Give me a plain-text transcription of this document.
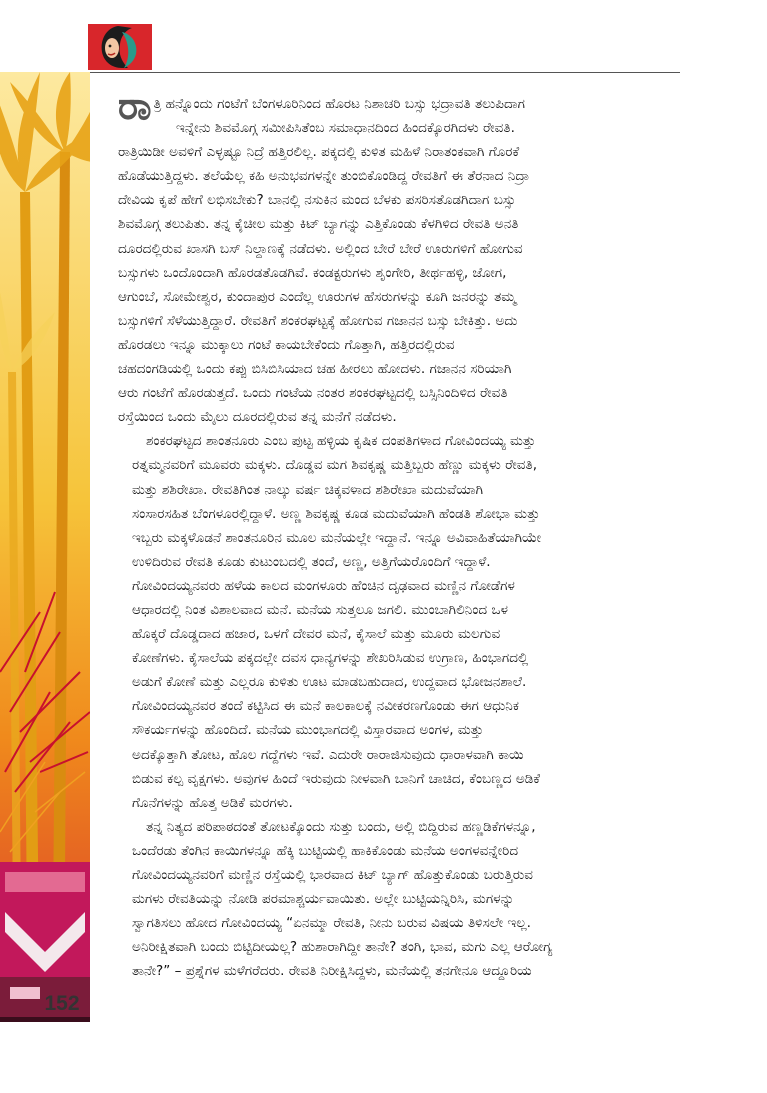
152
ರಾ ತ್ರಿ ಹನ್ನೊಂದು ಗಂಟೆಗೆ ಬೆಂಗಳೂರಿನಿಂದ ಹೊರಟ ನಿಶಾಚರಿ ಬಸ್ಸು ಭದ್ರಾವತಿ ತಲುಪಿದಾಗ
ಇನ್ನೇನು ಶಿವಮೊಗ್ಗ ಸಮೀಪಿಸಿತೆಂಬ ಸಮಾಧಾನದಿಂದ ಹಿಂದಕ್ಕೊರಗಿದಳು ರೇವತಿ.
ರಾತ್ರಿಯಿಡೀ ಅವಳಿಗೆ ಎಳ್ಳಷ್ಟೂ ನಿದ್ರೆ ಹತ್ತಿರಲಿಲ್ಲ. ಪಕ್ಕದಲ್ಲಿ ಕುಳಿತ ಮಹಿಳೆ ನಿರಾತಂಕವಾಗಿ ಗೊರಕೆ
ಹೊಡೆಯುತ್ತಿದ್ದಳು. ತಲೆಯೆಲ್ಲ ಕಹಿ ಅನುಭವಗಳನ್ನೇ ತುಂಬಿಕೊಂಡಿದ್ದ ರೇವತಿಗೆ ಈ ತೆರನಾದ ನಿದ್ರಾ
ದೇವಿಯ ಕೃಪೆ ಹೇಗೆ ಲಭಿಸಬೇಕು? ಬಾನಲ್ಲಿ ನಸುಕಿನ ಮಂದ ಬೆಳಕು ಪಸರಿಸತೊಡಗಿದಾಗ ಬಸ್ಸು
ಶಿವಮೊಗ್ಗ ತಲುಪಿತು. ತನ್ನ ಕೈಚೀಲ ಮತ್ತು ಕಿಟ್ ಬ್ಯಾಗನ್ನು ಎತ್ತಿಕೊಂಡು ಕೆಳಗಿಳಿದ ರೇವತಿ ಅನತಿ
ದೂರದಲ್ಲಿರುವ ಖಾಸಗಿ ಬಸ್ ನಿಲ್ದಾಣಕ್ಕೆ ನಡೆದಳು. ಅಲ್ಲಿಂದ ಬೇರೆ ಬೇರೆ ಊರುಗಳಿಗೆ ಹೋಗುವ
ಬಸ್ಸುಗಳು ಒಂದೊಂದಾಗಿ ಹೊರಡತೊಡಗಿವೆ. ಕಂಡಕ್ಟರುಗಳು ಶೃಂಗೇರಿ, ತೀರ್ಥಹಳ್ಳಿ, ಜೋಗ,
ಆಗುಂಬೆ, ಸೋಮೇಶ್ವರ, ಕುಂದಾಪುರ ಎಂದೆಲ್ಲ ಊರುಗಳ ಹೆಸರುಗಳನ್ನು ಕೂಗಿ ಜನರನ್ನು ತಮ್ಮ
ಬಸ್ಸುಗಳಿಗೆ ಸೆಳೆಯುತ್ತಿದ್ದಾರೆ. ರೇವತಿಗೆ ಶಂಕರಘಟ್ಟಕ್ಕೆ ಹೋಗುವ ಗಜಾನನ ಬಸ್ಸು ಬೇಕಿತ್ತು. ಅದು
ಹೊರಡಲು ಇನ್ನೂ ಮುಕ್ಕಾಲು ಗಂಟೆ ಕಾಯಬೇಕೆಂದು ಗೊತ್ತಾಗಿ, ಹತ್ತಿರದಲ್ಲಿರುವ
ಚಹದಂಗಡಿಯಲ್ಲಿ ಒಂದು ಕಪ್ಪು ಬಿಸಿಬಿಸಿಯಾದ ಚಹ ಹೀರಲು ಹೋದಳು. ಗಜಾನನ ಸರಿಯಾಗಿ
ಆರು ಗಂಟೆಗೆ ಹೊರಡುತ್ತದೆ. ಒಂದು ಗಂಟೆಯ ನಂತರ ಶಂಕರಘಟ್ಟದಲ್ಲಿ ಬಸ್ಸಿನಿಂದಿಳಿದ ರೇವತಿ
ರಸ್ತೆಯಿಂದ ಒಂದು ಮೈಲು ದೂರದಲ್ಲಿರುವ ತನ್ನ ಮನೆಗೆ ನಡೆದಳು.
ಶಂಕರಘಟ್ಟದ ಶಾಂತನೂರು ಎಂಬ ಪುಟ್ಟ ಹಳ್ಳಿಯ ಕೃಷಿಕ ದಂಪತಿಗಳಾದ ಗೋವಿಂದಯ್ಯ ಮತ್ತು
ರತ್ನಮ್ಮನವರಿಗೆ ಮೂವರು ಮಕ್ಕಳು. ದೊಡ್ಡವ ಮಗ ಶಿವಕೃಷ್ಣ ಮತ್ತಿಬ್ಬರು ಹೆಣ್ಣು ಮಕ್ಕಳು ರೇವತಿ,
ಮತ್ತು ಶಶಿರೇಖಾ. ರೇವತಿಗಿಂತ ನಾಲ್ಕು ವರ್ಷ ಚಿಕ್ಕವಳಾದ ಶಶಿರೇಖಾ ಮದುವೆಯಾಗಿ
ಸಂಸಾರಸಹಿತ ಬೆಂಗಳೂರಲ್ಲಿದ್ದಾಳೆ. ಅಣ್ಣ ಶಿವಕೃಷ್ಣ ಕೂಡ ಮದುವೆಯಾಗಿ ಹೆಂಡತಿ ಶೋಭಾ ಮತ್ತು
ಇಬ್ಬರು ಮಕ್ಕಳೊಡನೆ ಶಾಂತನೂರಿನ ಮೂಲ ಮನೆಯಲ್ಲೇ ಇದ್ದಾನೆ. ಇನ್ನೂ ಅವಿವಾಹಿತೆಯಾಗಿಯೇ
ಉಳಿದಿರುವ ರೇವತಿ ಕೂಡು ಕುಟುಂಬದಲ್ಲಿ ತಂದೆ, ಅಣ್ಣ, ಅತ್ತಿಗೆಯರೊಂದಿಗೆ ಇದ್ದಾಳೆ.
ಗೋವಿಂದಯ್ಯನವರು ಹಳೆಯ ಕಾಲದ ಮಂಗಳೂರು ಹೆಂಚಿನ ದೃಢವಾದ ಮಣ್ಣಿನ ಗೋಡೆಗಳ
ಆಧಾರದಲ್ಲಿ ನಿಂತ ವಿಶಾಲವಾದ ಮನೆ. ಮನೆಯ ಸುತ್ತಲೂ ಜಗಲಿ. ಮುಂಬಾಗಿಲಿನಿಂದ ಒಳ
ಹೊಕ್ಕರೆ ದೊಡ್ಡದಾದ ಹಜಾರ, ಒಳಗೆ ದೇವರ ಮನೆ, ಕೈಸಾಲೆ ಮತ್ತು ಮೂರು ಮಲಗುವ
ಕೋಣೆಗಳು. ಕೈಸಾಲೆಯ ಪಕ್ಕದಲ್ಲೇ ದವಸ ಧಾನ್ಯಗಳನ್ನು ಶೇಖರಿಸಿಡುವ ಉಗ್ರಾಣ, ಹಿಂಭಾಗದಲ್ಲಿ
ಅಡುಗೆ ಕೋಣೆ ಮತ್ತು ಎಲ್ಲರೂ ಕುಳಿತು ಊಟ ಮಾಡಬಹುದಾದ, ಉದ್ದವಾದ ಭೋಜನಶಾಲೆ.
ಗೋವಿಂದಯ್ಯನವರ ತಂದೆ ಕಟ್ಟಿಸಿದ ಈ ಮನೆ ಕಾಲಕಾಲಕ್ಕೆ ನವೀಕರಣಗೊಂಡು ಈಗ ಆಧುನಿಕ
ಸೌಕರ್ಯಗಳನ್ನು ಹೊಂದಿದೆ. ಮನೆಯ ಮುಂಭಾಗದಲ್ಲಿ ವಿಸ್ತಾರವಾದ ಅಂಗಳ, ಮತ್ತು
ಅದಕ್ಕೊತ್ತಾಗಿ ತೋಟ, ಹೊಲ ಗದ್ದೆಗಳು ಇವೆ. ಎದುರೇ ರಾರಾಜಿಸುವುದು ಧಾರಾಳವಾಗಿ ಕಾಯಿ
ಬಿಡುವ ಕಲ್ಪ ವೃಕ್ಷಗಳು. ಅವುಗಳ ಹಿಂದೆ ಇರುವುದು ನೀಳವಾಗಿ ಬಾನಿಗೆ ಚಾಚಿದ, ಕೆಂಬಣ್ಣದ ಅಡಿಕೆ
ಗೊನೆಗಳನ್ನು ಹೊತ್ತ ಅಡಿಕೆ ಮರಗಳು.
ತನ್ನ ನಿತ್ಯದ ಪರಿಪಾಠದಂತೆ ತೋಟಕ್ಕೊಂದು ಸುತ್ತು ಬಂದು, ಅಲ್ಲಿ ಬಿದ್ದಿರುವ ಹಣ್ಣಡಿಕೆಗಳನ್ನೂ,
ಒಂದೆರಡು ತೆಂಗಿನ ಕಾಯಿಗಳನ್ನೂ ಹೆಕ್ಕಿ ಬುಟ್ಟಿಯಲ್ಲಿ ಹಾಕಿಕೊಂಡು ಮನೆಯ ಅಂಗಳವನ್ನೇರಿದ
ಗೋವಿಂದಯ್ಯನವರಿಗೆ ಮಣ್ಣಿನ ರಸ್ತೆಯಲ್ಲಿ ಭಾರವಾದ ಕಿಟ್ ಬ್ಯಾಗ್ ಹೊತ್ತುಕೊಂಡು ಬರುತ್ತಿರುವ
ಮಗಳು ರೇವತಿಯನ್ನು ನೋಡಿ ಪರಮಾಶ್ಚರ್ಯವಾಯಿತು. ಅಲ್ಲೇ ಬುಟ್ಟಿಯನ್ನಿರಿಸಿ, ಮಗಳನ್ನು
ಸ್ವಾಗತಿಸಲು ಹೋದ ಗೋವಿಂದಯ್ಯ “ಏನಮ್ಮಾ ರೇವತಿ, ನೀನು ಬರುವ ವಿಷಯ ತಿಳಿಸಲೇ ಇಲ್ಲ.
ಅನಿರೀಕ್ಷಿತವಾಗಿ ಬಂದು ಬಿಟ್ಟಿದೀಯಲ್ಲ? ಹುಶಾರಾಗಿದ್ದೀ ತಾನೇ? ತಂಗಿ, ಭಾವ, ಮಗು ಎಲ್ಲ ಆರೋಗ್ಯ
ತಾನೇ?” – ಪ್ರಶ್ನೆಗಳ ಮಳೆಗರೆದರು. ರೇವತಿ ನಿರೀಕ್ಷಿಸಿದ್ದಳು, ಮನೆಯಲ್ಲಿ ತನಗೇನೂ ಆದ್ದೂರಿಯ
